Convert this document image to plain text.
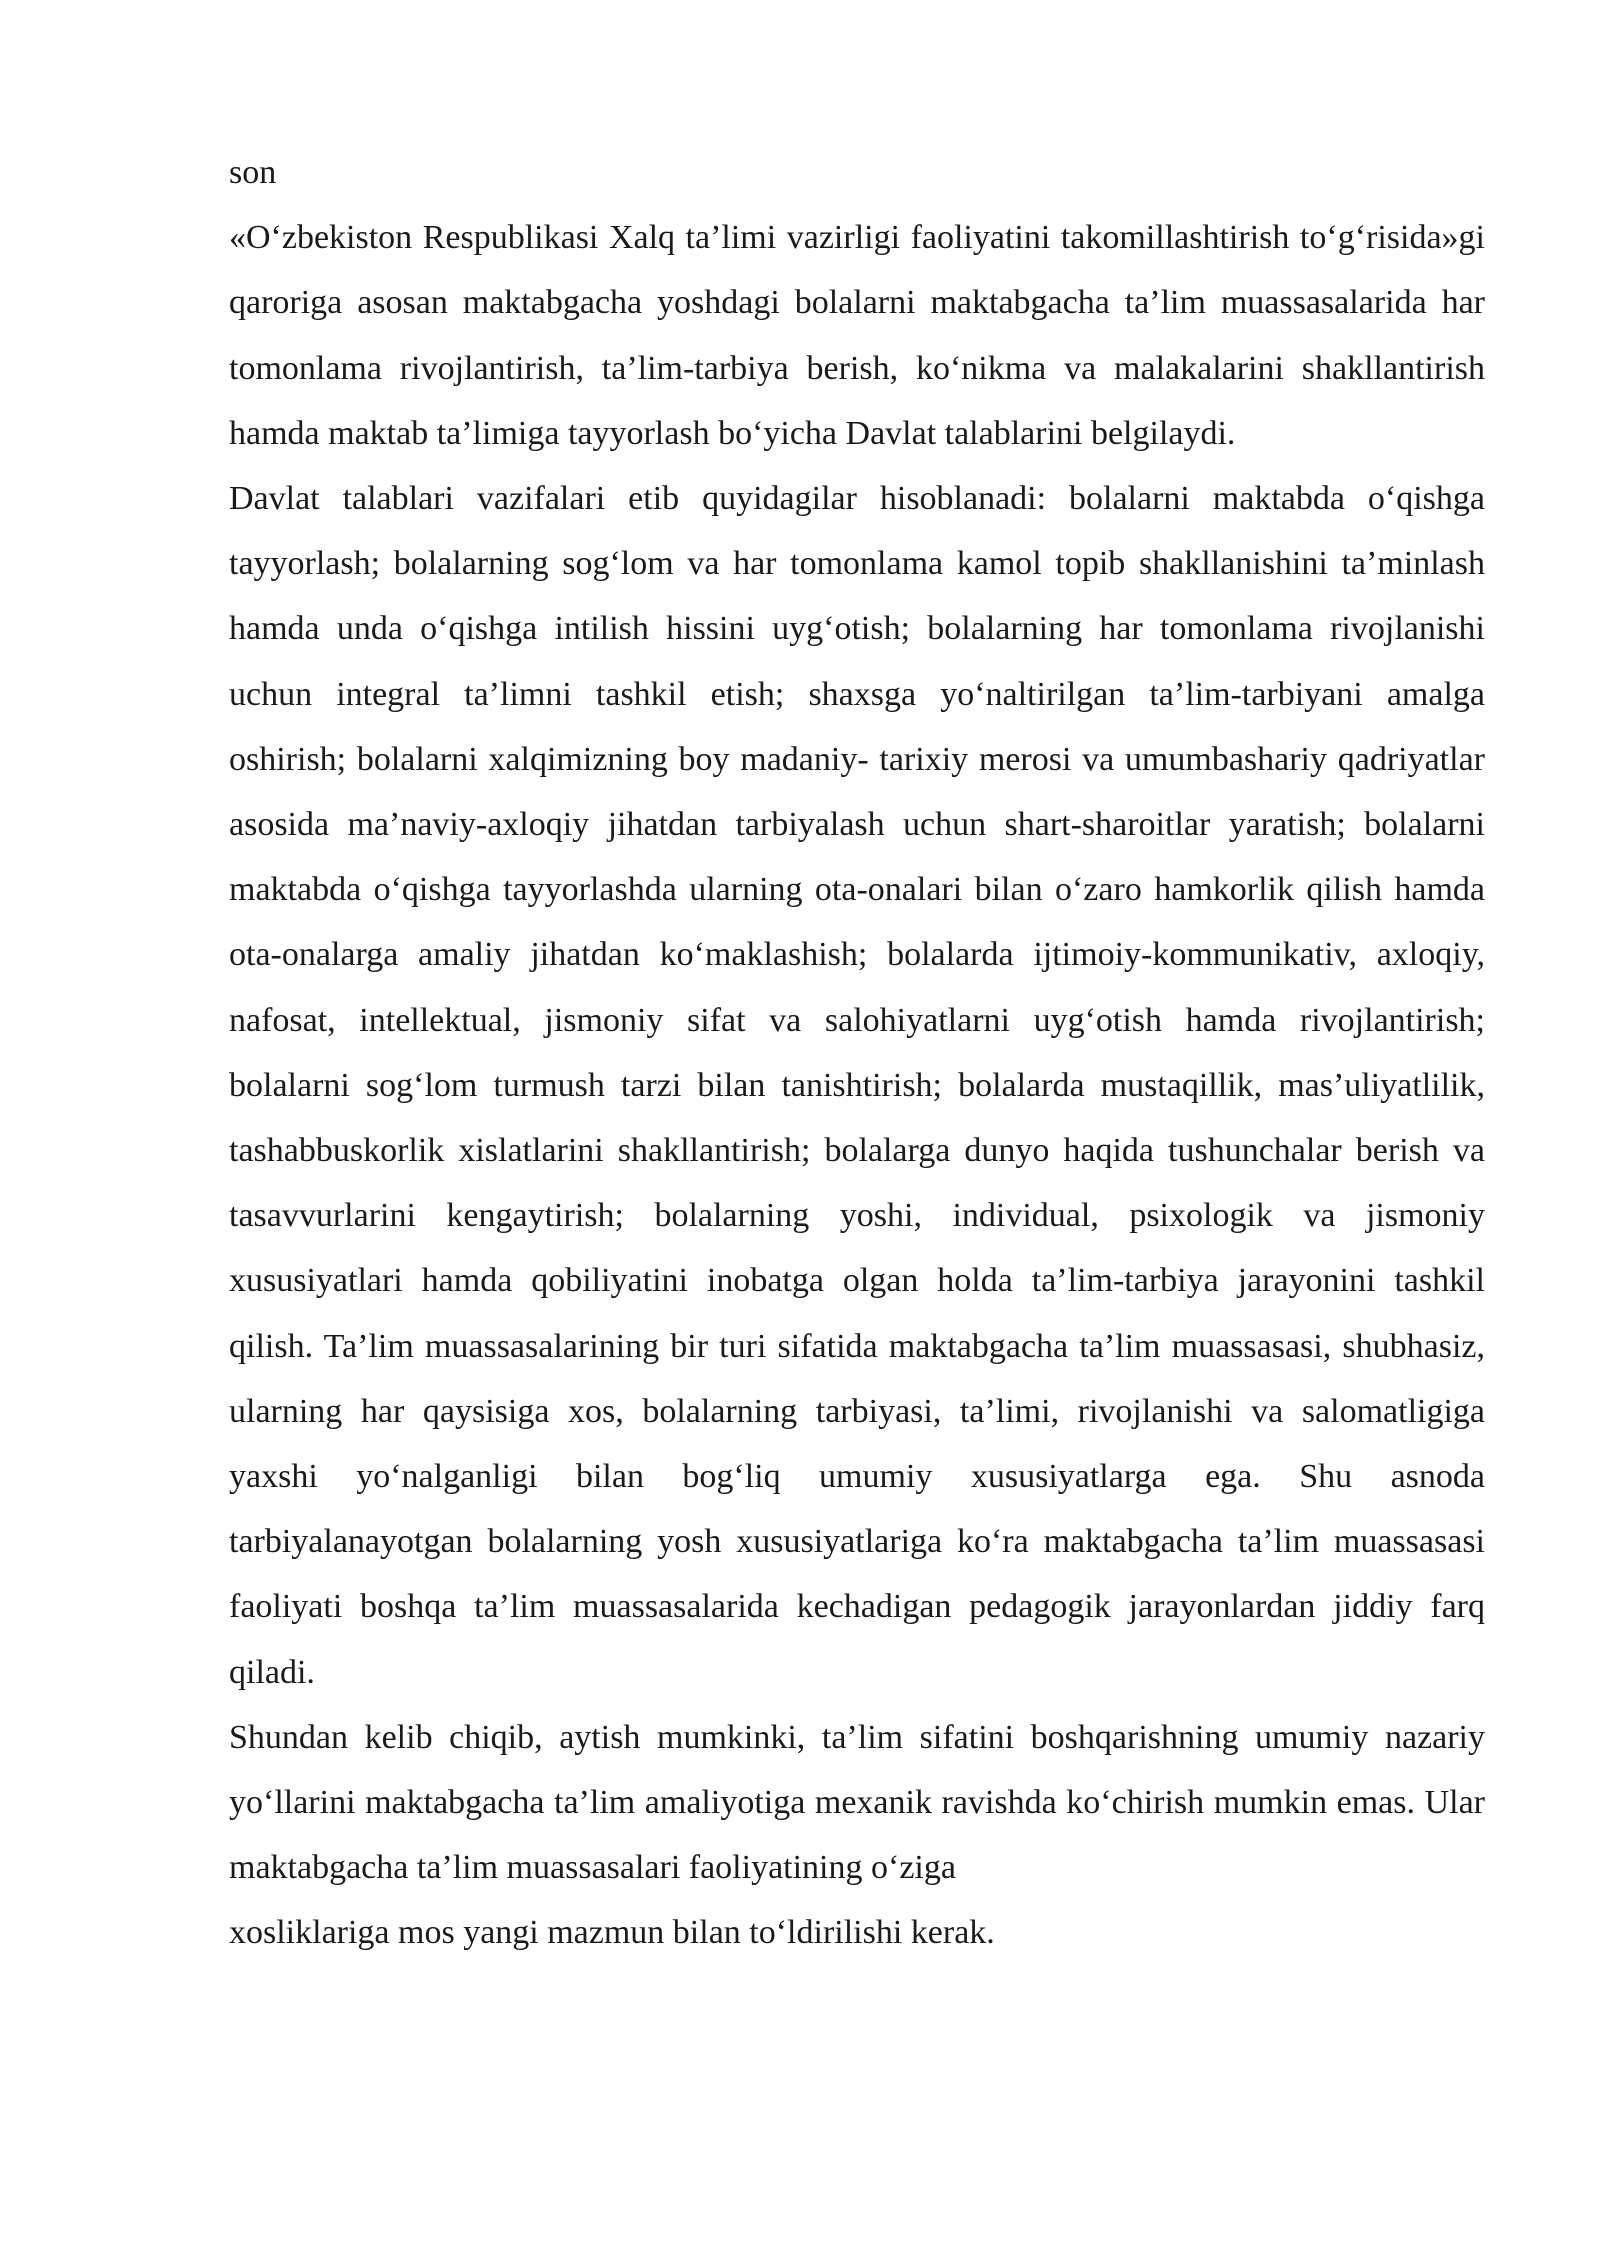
son

«O‘zbekiston Respublikasi Xalq ta’limi vazirligi faoliyatini takomillashtirish to‘g‘risida»gi qaroriga asosan maktabgacha yoshdagi bolalarni maktabgacha ta’lim muassasalarida har tomonlama rivojlantirish, ta’lim-tarbiya berish, ko‘nikma va malakalarini shakllantirish hamda maktab ta’limiga tayyorlash bo‘yicha Davlat talablarini belgilaydi.

Davlat talablari vazifalari etib quyidagilar hisoblanadi: bolalarni maktabda o‘qishga tayyorlash; bolalarning sog‘lom va har tomonlama kamol topib shakllanishini ta’minlash hamda unda o‘qishga intilish hissini uyg‘otish; bolalarning har tomonlama rivojlanishi uchun integral ta’limni tashkil etish; shaxsga yo‘naltirilgan ta’lim-tarbiyani amalga oshirish; bolalarni xalqimizning boy madaniy- tarixiy merosi va umumbashariy qadriyatlar asosida ma’naviy-axloqiy jihatdan tarbiyalash uchun shart-sharoitlar yaratish; bolalarni maktabda o‘qishga tayyorlashda ularning ota-onalari bilan o‘zaro hamkorlik qilish hamda ota-onalarga amaliy jihatdan ko‘maklashish; bolalarda ijtimoiy-kommunikativ, axloqiy, nafosat, intellektual, jismoniy sifat va salohiyatlarni uyg‘otish hamda rivojlantirish; bolalarni sog‘lom turmush tarzi bilan tanishtirish; bolalarda mustaqillik, mas’uliyatlilik, tashabbuskorlik xislatlarini shakllantirish; bolalarga dunyo haqida tushunchalar berish va tasavvurlarini kengaytirish; bolalarning yoshi, individual, psixologik va jismoniy xususiyatlari hamda qobiliyatini inobatga olgan holda ta’lim-tarbiya jarayonini tashkil qilish. Ta’lim muassasalarining bir turi sifatida maktabgacha ta’lim muassasasi, shubhasiz, ularning har qaysisiga xos, bolalarning tarbiyasi, ta’limi, rivojlanishi va salomatligiga yaxshi yo‘nalganligi bilan bog‘liq umumiy xususiyatlarga ega. Shu asnoda tarbiyalanayotgan bolalarning yosh xususiyatlariga ko‘ra maktabgacha ta’lim muassasasi faoliyati boshqa ta’lim muassasalarida kechadigan pedagogik jarayonlardan jiddiy farq qiladi.

Shundan kelib chiqib, aytish mumkinki, ta’lim sifatini boshqarishning umumiy nazariy yo‘llarini maktabgacha ta’lim amaliyotiga mexanik ravishda ko‘chirish mumkin emas. Ular maktabgacha ta’lim muassasalari faoliyatining o‘ziga

xosliklariga mos yangi mazmun bilan to‘ldirilishi kerak.
